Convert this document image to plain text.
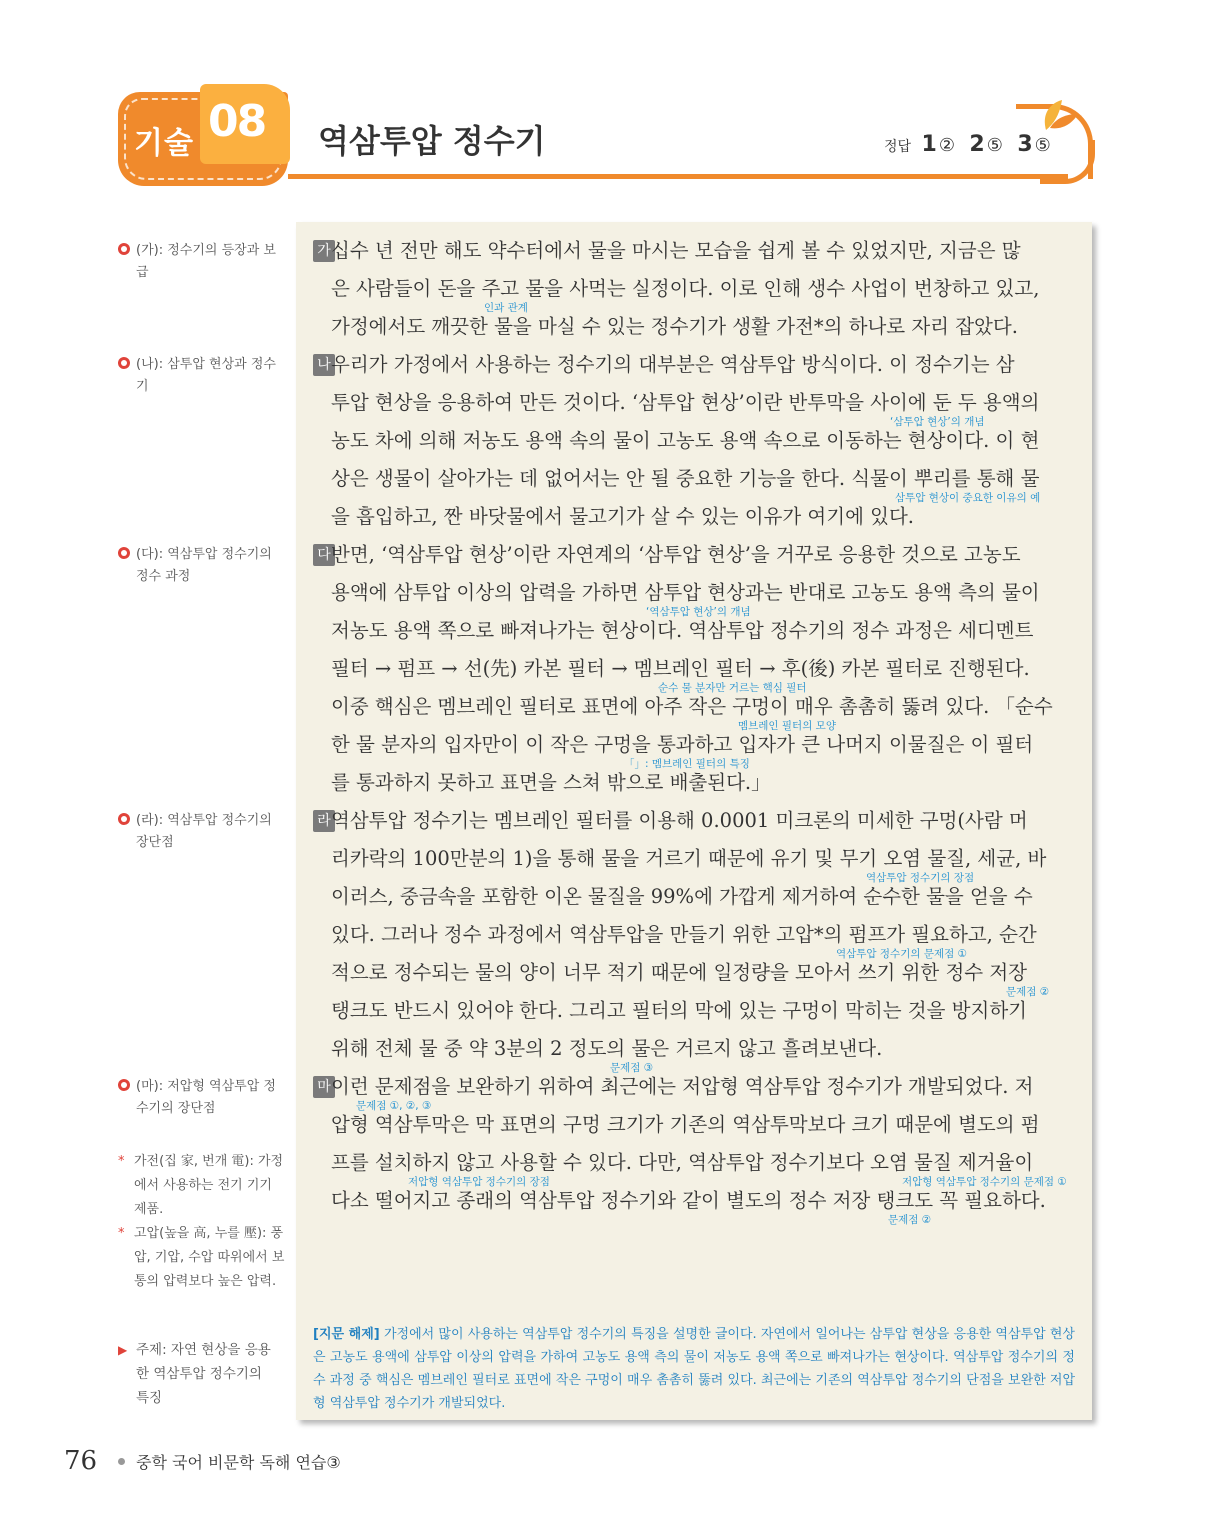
기술 08 역삼투압 정수기	정답 1 ② 2 ⑤ 3 ⑤
(가): 정수기의 등장과 보급
(나): 삼투압 현상과 정수기
(다): 역삼투압 정수기의 정수 과정
(라): 역삼투압 정수기의 장단점
(마): 저압형 역삼투압 정수기의 장단점
* 가전(집 家, 번개 電): 가정에서 사용하는 전기 기기 제품.
* 고압(높을 高, 누를 壓): 풍압, 기압, 수압 따위에서 보통의 압력보다 높은 압력.
▶ 주제: 자연 현상을 응용한 역삼투압 정수기의 특징
가 십수 년 전만 해도 약수터에서 물을 마시는 모습을 쉽게 볼 수 있었지만, 지금은 많
은 사람들이 돈을 주고 물을 사먹는 실정이다. 이로 인해 생수 사업이 번창하고 있고,
가정에서도 깨끗한 물을 마실 수 있는 정수기가 생활 가전*의 하나로 자리 잡았다.
인과 관계
나 우리가 가정에서 사용하는 정수기의 대부분은 역삼투압 방식이다. 이 정수기는 삼
투압 현상을 응용하여 만든 것이다. ‘삼투압 현상’이란 반투막을 사이에 둔 두 용액의
농도 차에 의해 저농도 용액 속의 물이 고농도 용액 속으로 이동하는 현상이다. 이 현
상은 생물이 살아가는 데 없어서는 안 될 중요한 기능을 한다. 식물이 뿌리를 통해 물
을 흡입하고, 짠 바닷물에서 물고기가 살 수 있는 이유가 여기에 있다.
‘삼투압 현상’의 개념
삼투압 현상이 중요한 이유의 예
다 반면, ‘역삼투압 현상’이란 자연계의 ‘삼투압 현상’을 거꾸로 응용한 것으로 고농도
용액에 삼투압 이상의 압력을 가하면 삼투압 현상과는 반대로 고농도 용액 측의 물이
저농도 용액 쪽으로 빠져나가는 현상이다. 역삼투압 정수기의 정수 과정은 세디멘트
필터 → 펌프 → 선(先) 카본 필터 → 멤브레인 필터 → 후(後) 카본 필터로 진행된다.
이중 핵심은 멤브레인 필터로 표면에 아주 작은 구멍이 매우 촘촘히 뚫려 있다. 「순수
한 물 분자의 입자만이 이 작은 구멍을 통과하고 입자가 큰 나머지 이물질은 이 필터
를 통과하지 못하고 표면을 스쳐 밖으로 배출된다.」
‘역삼투압 현상’의 개념
순수 물 분자만 거르는 핵심 필터
멤브레인 필터의 모양
「」: 멤브레인 필터의 특징
라 역삼투압 정수기는 멤브레인 필터를 이용해 0.0001 미크론의 미세한 구멍(사람 머
리카락의 100만분의 1)을 통해 물을 거르기 때문에 유기 및 무기 오염 물질, 세균, 바
이러스, 중금속을 포함한 이온 물질을 99%에 가깝게 제거하여 순수한 물을 얻을 수
있다. 그러나 정수 과정에서 역삼투압을 만들기 위한 고압*의 펌프가 필요하고, 순간
적으로 정수되는 물의 양이 너무 적기 때문에 일정량을 모아서 쓰기 위한 정수 저장
탱크도 반드시 있어야 한다. 그리고 필터의 막에 있는 구멍이 막히는 것을 방지하기
위해 전체 물 중 약 3분의 2 정도의 물은 거르지 않고 흘려보낸다.
역삼투압 정수기의 장점
역삼투압 정수기의 문제점 ①
문제점 ②
문제점 ③
마 이런 문제점을 보완하기 위하여 최근에는 저압형 역삼투압 정수기가 개발되었다. 저
압형 역삼투막은 막 표면의 구멍 크기가 기존의 역삼투막보다 크기 때문에 별도의 펌
프를 설치하지 않고 사용할 수 있다. 다만, 역삼투압 정수기보다 오염 물질 제거율이
다소 떨어지고 종래의 역삼투압 정수기와 같이 별도의 정수 저장 탱크도 꼭 필요하다.
문제점 ①, ②, ③
저압형 역삼투압 정수기의 장점	저압형 역삼투압 정수기의 문제점 ①
문제점 ②
[지문 해제] 가정에서 많이 사용하는 역삼투압 정수기의 특징을 설명한 글이다. 자연에서 일어나는 삼투압 현상을 응용한 역삼투압 현상은 고농도 용액에 삼투압 이상의 압력을 가하여 고농도 용액 측의 물이 저농도 용액 쪽으로 빠져나가는 현상이다. 역삼투압 정수기의 정수 과정 중 핵심은 멤브레인 필터로 표면에 작은 구멍이 매우 촘촘히 뚫려 있다. 최근에는 기존의 역삼투압 정수기의 단점을 보완한 저압형 역삼투압 정수기가 개발되었다.
76 중학 국어 비문학 독해 연습③
